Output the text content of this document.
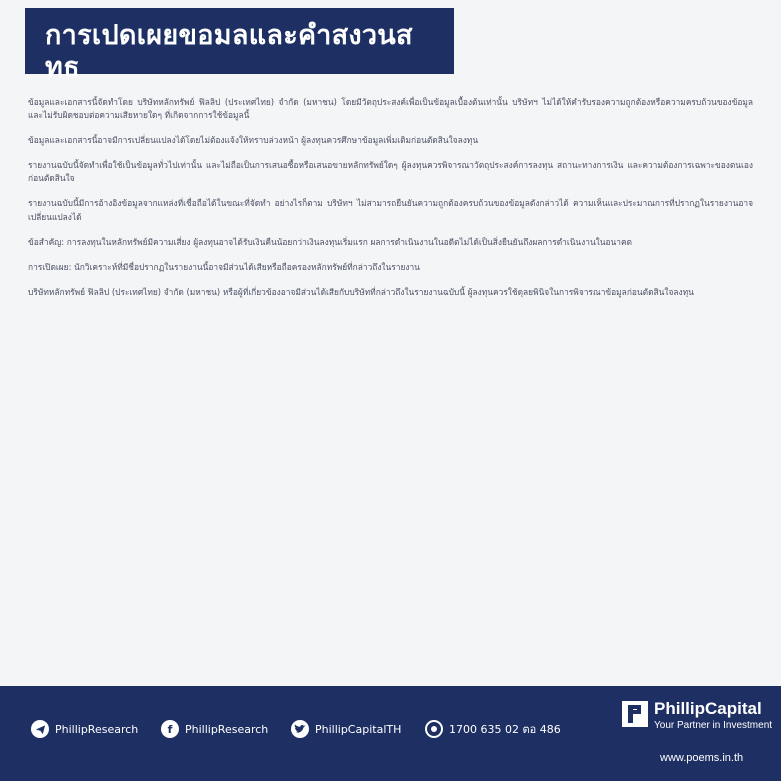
การเปดเผยขอมลและคำสงวนส
ทธ

ข้อมูลและเอกสารนี้จัดทำโดย บริษัทหลักทรัพย์ ฟิลลิป (ประเทศไทย) จำกัด (มหาชน) โดยมีวัตถุประสงค์เพื่อเป็นข้อมูลเบื้องต้นเท่านั้น บริษัทฯ ไม่ได้ให้คำรับรองความถูกต้องหรือความครบถ้วนของข้อมูล และไม่รับผิดชอบต่อความเสียหายใดๆ ที่เกิดจากการใช้ข้อมูลนี้

ข้อมูลและเอกสารนี้อาจมีการเปลี่ยนแปลงได้โดยไม่ต้องแจ้งให้ทราบล่วงหน้า ผู้ลงทุนควรศึกษาข้อมูลเพิ่มเติมก่อนตัดสินใจลงทุน

รายงานฉบับนี้จัดทำเพื่อใช้เป็นข้อมูลทั่วไปเท่านั้น และไม่ถือเป็นการเสนอซื้อหรือเสนอขายหลักทรัพย์ใดๆ ผู้ลงทุนควรพิจารณาวัตถุประสงค์การลงทุน สถานะทางการเงิน และความต้องการเฉพาะของตนเองก่อนตัดสินใจ

รายงานฉบับนี้มีการอ้างอิงข้อมูลจากแหล่งที่เชื่อถือได้ในขณะที่จัดทำ อย่างไรก็ตาม บริษัทฯ ไม่สามารถยืนยันความถูกต้องครบถ้วนของข้อมูลดังกล่าวได้ ความเห็นและประมาณการที่ปรากฏในรายงานอาจเปลี่ยนแปลงได้

ข้อสำคัญ: การลงทุนในหลักทรัพย์มีความเสี่ยง ผู้ลงทุนอาจได้รับเงินคืนน้อยกว่าเงินลงทุนเริ่มแรก ผลการดำเนินงานในอดีตไม่ได้เป็นสิ่งยืนยันถึงผลการดำเนินงานในอนาคต

การเปิดเผย: นักวิเคราะห์ที่มีชื่อปรากฏในรายงานนี้อาจมีส่วนได้เสียหรือถือครองหลักทรัพย์ที่กล่าวถึงในรายงาน

บริษัทหลักทรัพย์ ฟิลลิป (ประเทศไทย) จำกัด (มหาชน) หรือผู้ที่เกี่ยวข้องอาจมีส่วนได้เสียกับบริษัทที่กล่าวถึงในรายงานฉบับนี้ ผู้ลงทุนควรใช้ดุลยพินิจในการพิจารณาข้อมูลก่อนตัดสินใจลงทุน

PhillipResearch	f	PhillipResearch	PhillipCapitalTH	1700 635 02 ตอ 486
PhillipCapital
Your Partner in Investment
www.poems.in.th
